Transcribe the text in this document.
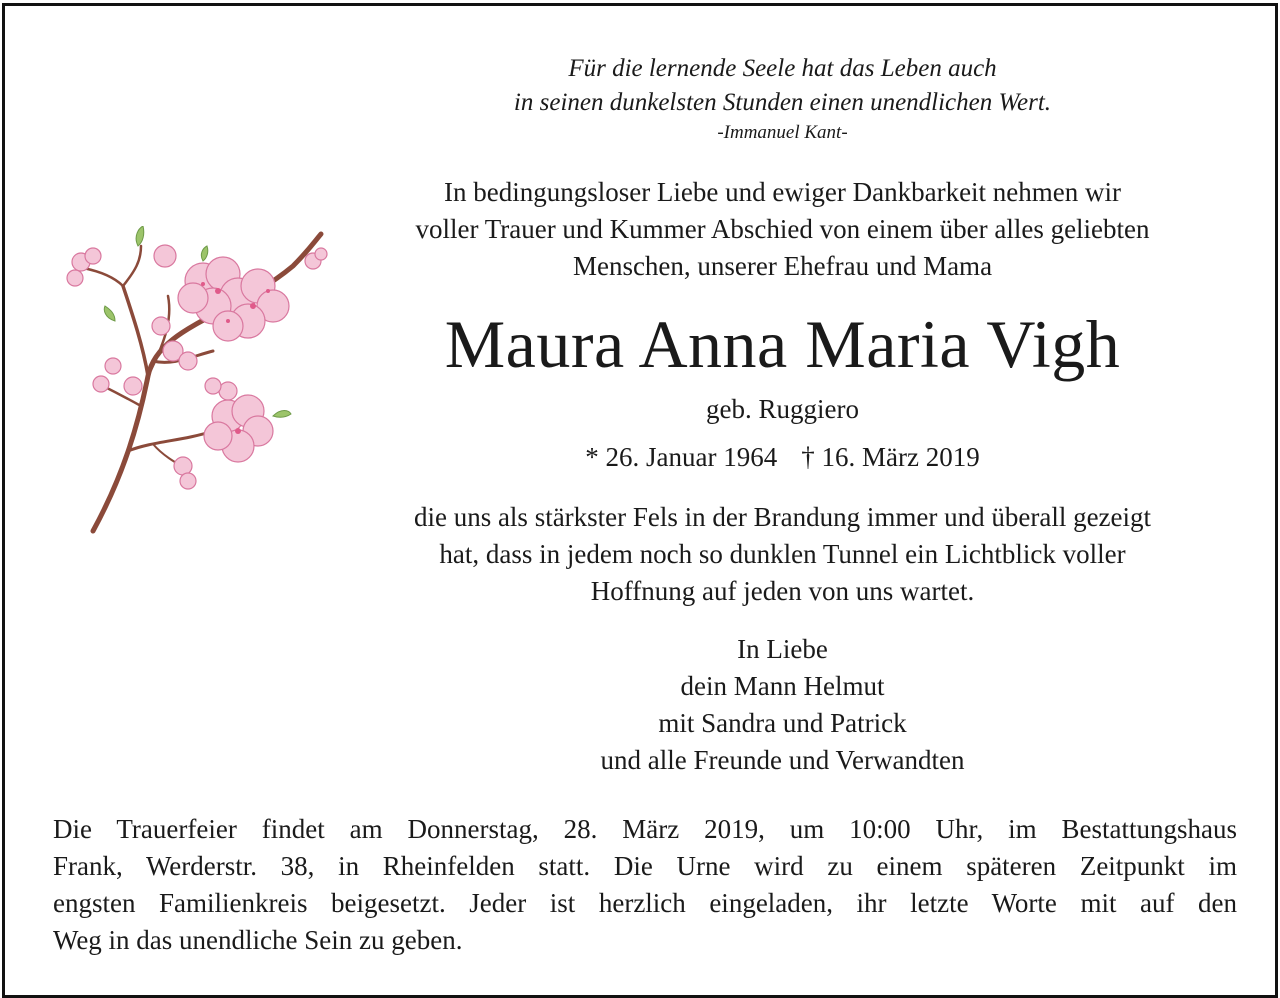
Für die lernende Seele hat das Leben auch
in seinen dunkelsten Stunden einen unendlichen Wert.
-Immanuel Kant-
In bedingungsloser Liebe und ewiger Dankbarkeit nehmen wir
voller Trauer und Kummer Abschied von einem über alles geliebten
Menschen, unserer Ehefrau und Mama
Maura Anna Maria Vigh
geb. Ruggiero
* 26. Januar 1964 † 16. März 2019
die uns als stärkster Fels in der Brandung immer und überall gezeigt
hat, dass in jedem noch so dunklen Tunnel ein Lichtblick voller
Hoffnung auf jeden von uns wartet.
In Liebe
dein Mann Helmut
mit Sandra und Patrick
und alle Freunde und Verwandten
Die Trauerfeier findet am Donnerstag, 28. März 2019, um 10:00 Uhr, im Bestattungshaus
Frank, Werderstr. 38, in Rheinfelden statt. Die Urne wird zu einem späteren Zeitpunkt im
engsten Familienkreis beigesetzt. Jeder ist herzlich eingeladen, ihr letzte Worte mit auf den
Weg in das unendliche Sein zu geben.
